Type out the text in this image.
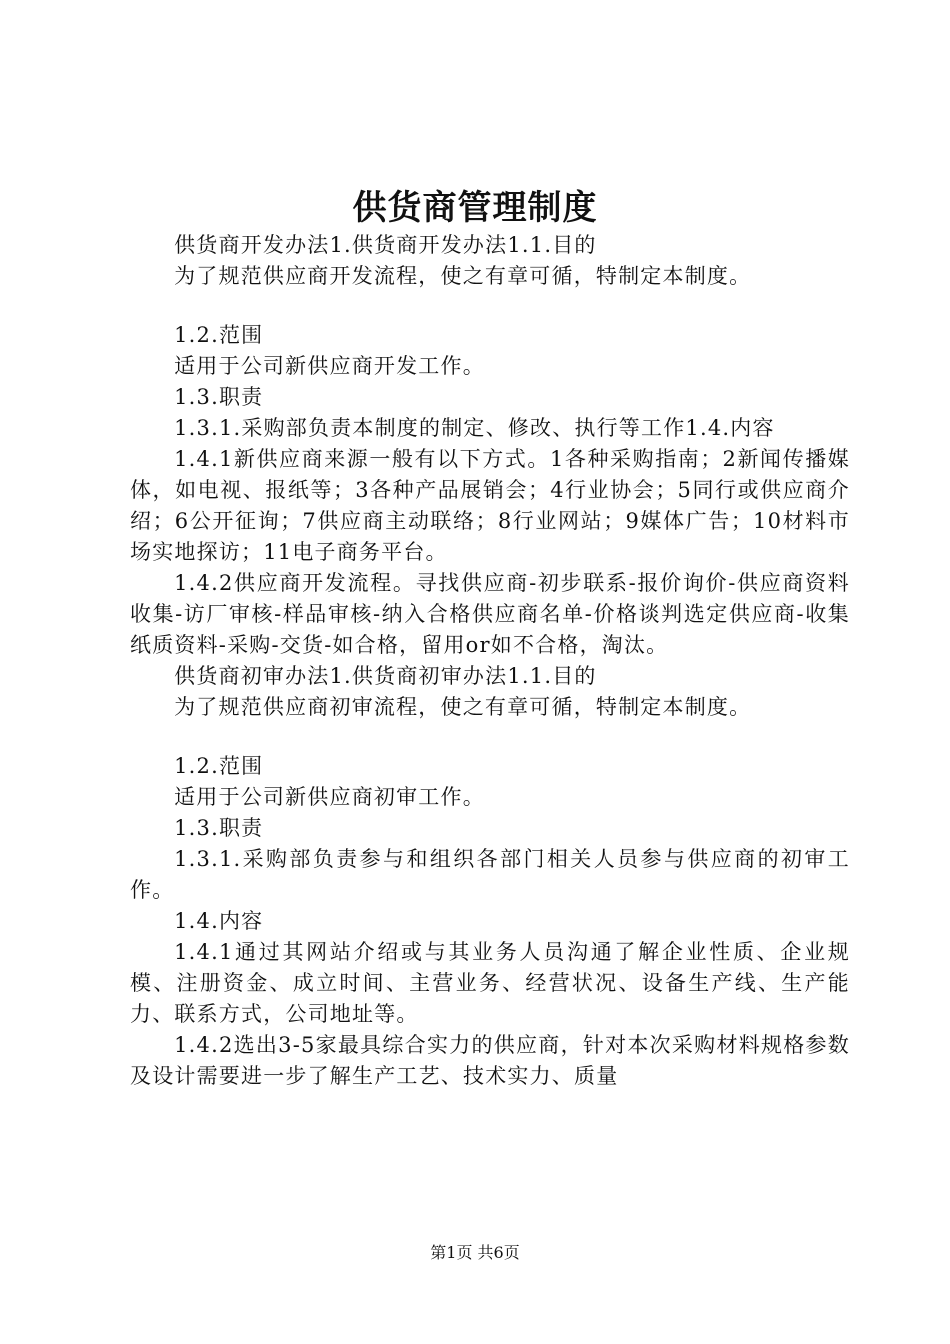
供货商管理制度

供货商开发办法1.供货商开发办法1.1.目的

为了规范供应商开发流程，使之有章可循，特制定本制度。

1.2.范围

适用于公司新供应商开发工作。

1.3.职责

1.3.1.采购部负责本制度的制定、修改、执行等工作1.4.内容

1.4.1新供应商来源一般有以下方式。1各种采购指南；2新闻传播媒体，如电视、报纸等；3各种产品展销会；4行业协会；5同行或供应商介绍；6公开征询；7供应商主动联络；8行业网站；9媒体广告；10材料市场实地探访；11电子商务平台。

1.4.2供应商开发流程。寻找供应商-初步联系-报价询价-供应商资料收集-访厂审核-样品审核-纳入合格供应商名单-价格谈判选定供应商-收集纸质资料-采购-交货-如合格，留用or如不合格，淘汰。

供货商初审办法1.供货商初审办法1.1.目的

为了规范供应商初审流程，使之有章可循，特制定本制度。

1.2.范围

适用于公司新供应商初审工作。

1.3.职责

1.3.1.采购部负责参与和组织各部门相关人员参与供应商的初审工作。

1.4.内容

1.4.1通过其网站介绍或与其业务人员沟通了解企业性质、企业规模、注册资金、成立时间、主营业务、经营状况、设备生产线、生产能力、联系方式，公司地址等。

1.4.2选出3-5家最具综合实力的供应商，针对本次采购材料规格参数及设计需要进一步了解生产工艺、技术实力、质量

第1页 共6页
